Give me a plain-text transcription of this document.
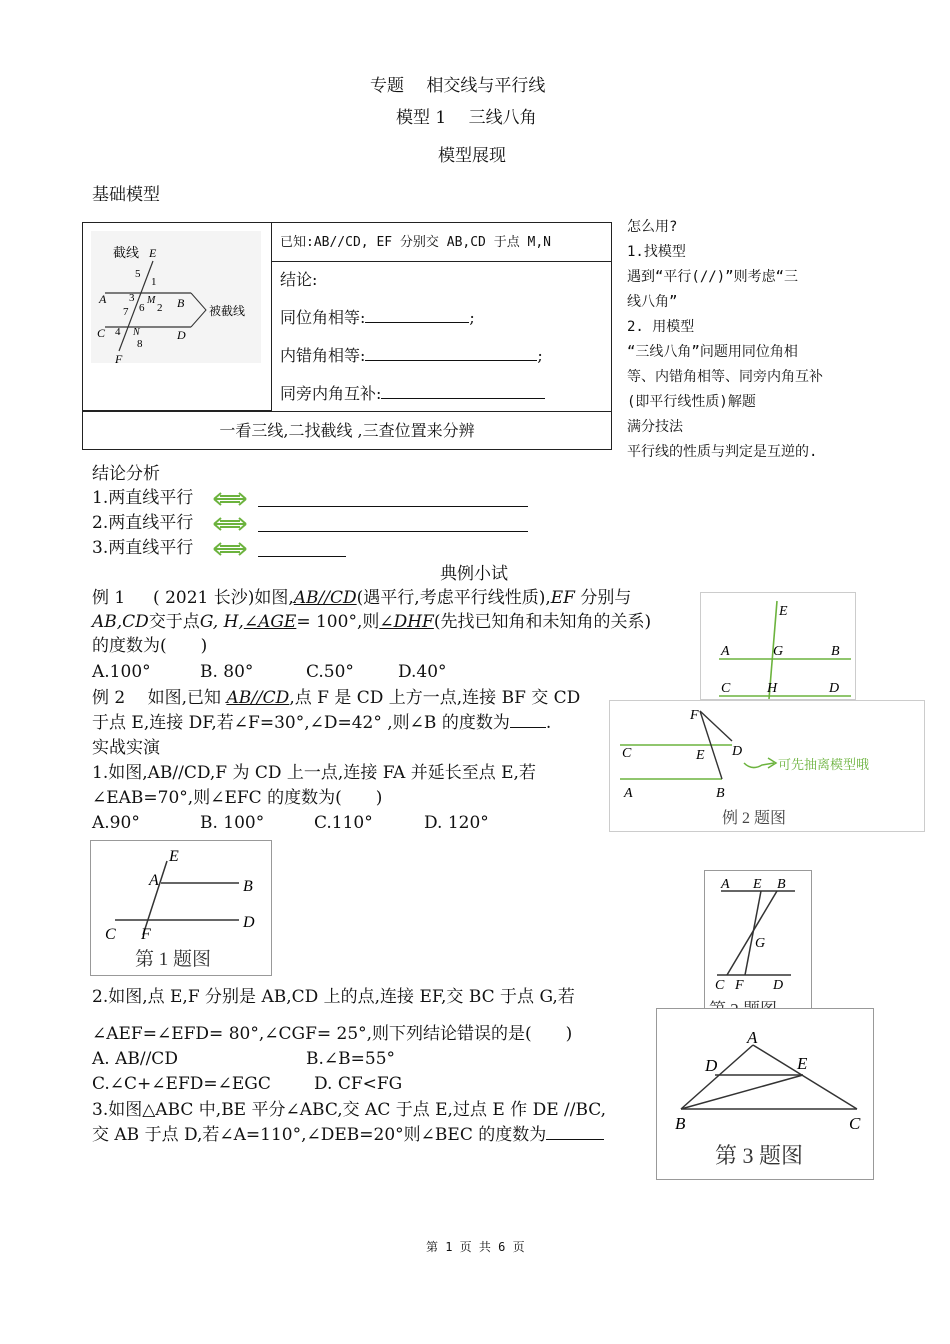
专题　 相交线与平行线
模型 1　 三线八角
模型展现
基础模型
截线 E
A	B
C	D
F
5
1
3 M
7	2
6
4 N
8
被截线
已知:AB//CD, EF 分别交 AB,CD 于点 M,N
结论:
同位角相等:	;
内错角相等:	;
同旁内角互补:
一看三线,二找截线 ,三查位置来分辨
怎么用?
1.找模型
遇到“平行(//)”则考虑“三
线八角”
2. 用模型
“三线八角”问题用同位角相
等、内错角相等、同旁内角互补
(即平行线性质)解题
满分技法
平行线的性质与判定是互逆的.
结论分析
1.两直线平行
2.两直线平行
3.两直线平行
典例小试
例 1 　 ( 2021 长沙)如图,AB//CD(遇平行,考虑平行线性质),EF 分别与
AB,CD交于点G, H,∠AGE= 100°,则∠DHF(先找已知角和未知角的关系)
的度数为(　　)
A.100°	B. 80°	C.50°	D.40°
例 2 　如图,已知 AB//CD,点 F 是 CD 上方一点,连接 BF 交 CD
于点 E,连接 DF,若∠F=30°,∠D=42° ,则∠B 的度数为 .
实战实演
1.如图,AB//CD,F 为 CD 上一点,连接 FA 并延长至点 E,若
∠EAB=70°,则∠EFC 的度数为(　　)
A.90°	B. 100°	C.110°	D. 120°
2.如图,点 E,F 分别是 AB,CD 上的点,连接 EF,交 BC 于点 G,若
∠AEF=∠EFD= 80°,∠CGF= 25°,则下列结论错误的是(　　)
A. AB//CD	B.∠B=55°
C.∠C+∠EFD=∠EGC	D. CF<FG
3.如图△ABC 中,BE 平分∠ABC,交 AC 于点 E,过点 E 作 DE //BC,
交 AB 于点 D,若∠A=110°,∠DEB=20°则∠BEC 的度数为
E
A	G	B
C	H	D
F
C	E D
A	B
可先抽离模型哦
例 2 题图
E
A	B
C F
D
第 1 题图
A E B
G
C F D
A
D	E
B	C
第 3 题图
第 1 页 共 6 页
